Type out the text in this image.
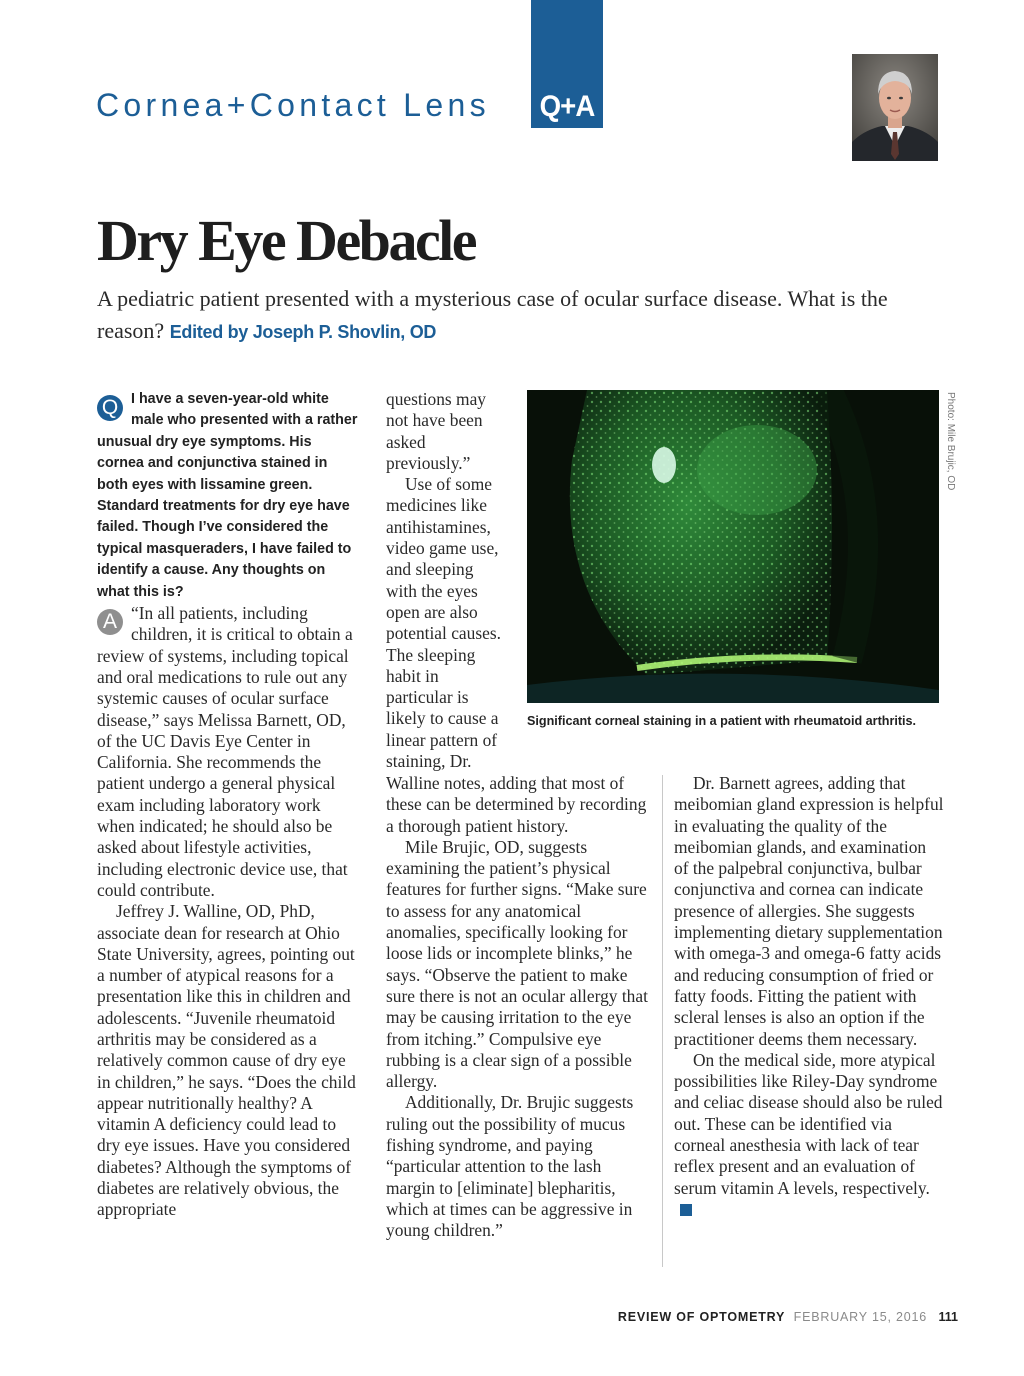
Cornea+Contact Lens Q+A
Dry Eye Debacle
A pediatric patient presented with a mysterious case of ocular surface disease. What is the reason? Edited by Joseph P. Shovlin, OD
Q I have a seven-year-old white male who presented with a rather unusual dry eye symptoms. His cornea and conjunctiva stained in both eyes with lissamine green. Standard treatments for dry eye have failed. Though I’ve considered the typical masqueraders, I have failed to identify a cause. Any thoughts on what this is?

A “In all patients, including children, it is critical to obtain a review of systems, including topical and oral medications to rule out any systemic causes of ocular surface disease,” says Melissa Barnett, OD, of the UC Davis Eye Center in California. She recommends the patient undergo a general physical exam including laboratory work when indicated; he should also be asked about lifestyle activities, including electronic device use, that could contribute.

Jeffrey J. Walline, OD, PhD, associate dean for research at Ohio State University, agrees, pointing out a number of atypical reasons for a presentation like this in children and adolescents. “Juvenile rheumatoid arthritis may be considered as a relatively common cause of dry eye in children,” he says. “Does the child appear nutritionally healthy? A vitamin A deficiency could lead to dry eye issues. Have you considered diabetes? Although the symptoms of diabetes are relatively obvious, the appropriate

questions may not have been asked previously.”

Use of some medicines like antihistamines, video game use, and sleeping with the eyes open are also potential causes. The sleeping habit in particular is likely to cause a linear pattern of staining, Dr.

Walline notes, adding that most of these can be determined by recording a thorough patient history.

Mile Brujic, OD, suggests examining the patient’s physical features for further signs. “Make sure to assess for any anatomical anomalies, specifically looking for loose lids or incomplete blinks,” he says. “Observe the patient to make sure there is not an ocular allergy that may be causing irritation to the eye from itching.” Compulsive eye rubbing is a clear sign of a possible allergy.

Additionally, Dr. Brujic suggests ruling out the possibility of mucus fishing syndrome, and paying “particular attention to the lash margin to [eliminate] blepharitis, which at times can be aggressive in young children.”

Dr. Barnett agrees, adding that meibomian gland expression is helpful in evaluating the quality of the meibomian glands, and examination of the palpebral conjunctiva, bulbar conjunctiva and cornea can indicate presence of allergies. She suggests implementing dietary supplementation with omega-3 and omega-6 fatty acids and reducing consumption of fried or fatty foods. Fitting the patient with scleral lenses is also an option if the practitioner deems them necessary.

On the medical side, more atypical possibilities like Riley-Day syndrome and celiac disease should also be ruled out. These can be identified via corneal anesthesia with lack of tear reflex present and an evaluation of serum vitamin A levels, respectively.

Photo: Mile Brujic, OD
Significant corneal staining in a patient with rheumatoid arthritis.
REVIEW OF OPTOMETRY FEBRUARY 15, 2016 111
